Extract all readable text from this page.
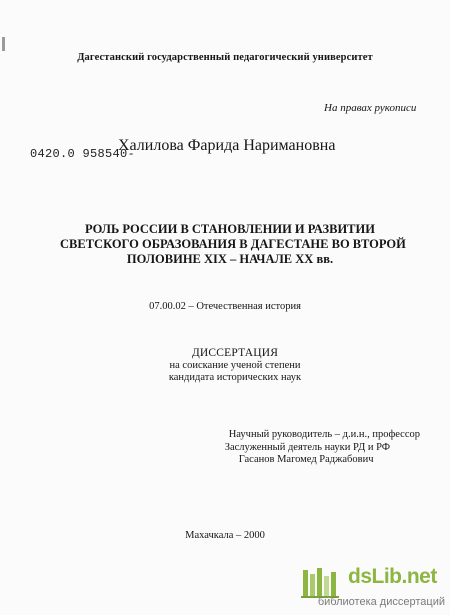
Дагестанский государственный педагогический университет
На правах рукописи
0420.0 958540-
Халилова Фарида Наримановна
РОЛЬ РОССИИ В СТАНОВЛЕНИИ И РАЗВИТИИ
СВЕТСКОГО ОБРАЗОВАНИЯ В ДАГЕСТАНЕ ВО ВТОРОЙ
ПОЛОВИНЕ XIX – НАЧАЛЕ XX вв.
07.00.02 – Отечественная история
ДИССЕРТАЦИЯ
на соискание ученой степени
кандидата исторических наук
Научный руководитель – д.и.н., профессор
Заслуженный деятель науки РД и РФ
Гасанов Магомед Раджабович
Махачкала – 2000
dsLib.net
библиотека диссертаций
